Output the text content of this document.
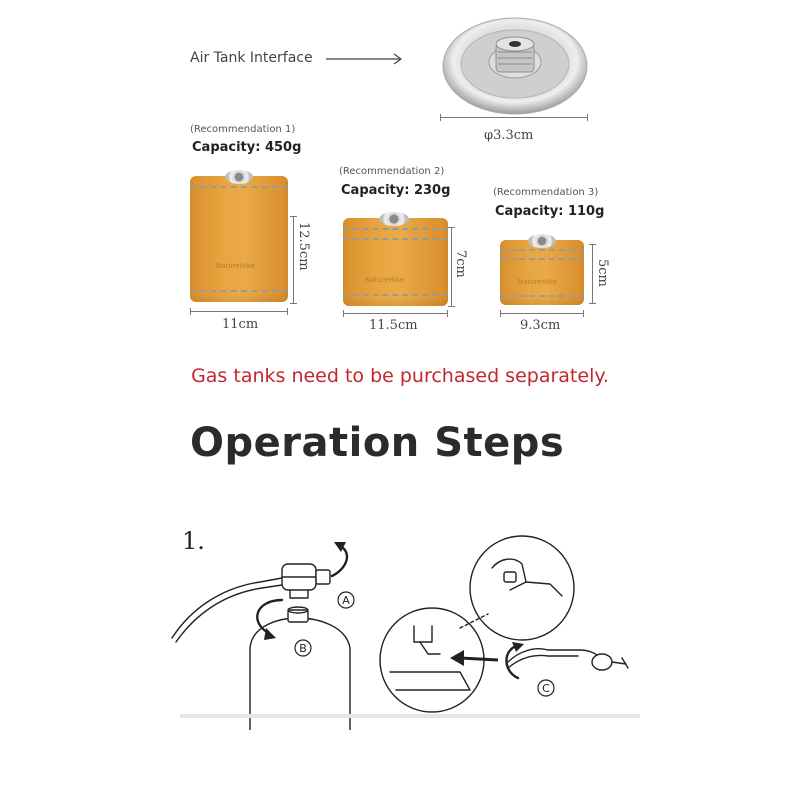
Air Tank Interface
φ3.3cm
(Recommendation 1)
Capacity: 450g
NatureHike	12.5cm
11cm
(Recommendation 2)
Capacity: 230g
NatureHike
7cm
11.5cm
(Recommendation 3)
Capacity: 110g
NatureHike	5cm
9.3cm
Gas tanks need to be purchased separately.
Operation Steps
1.
A
B
C
